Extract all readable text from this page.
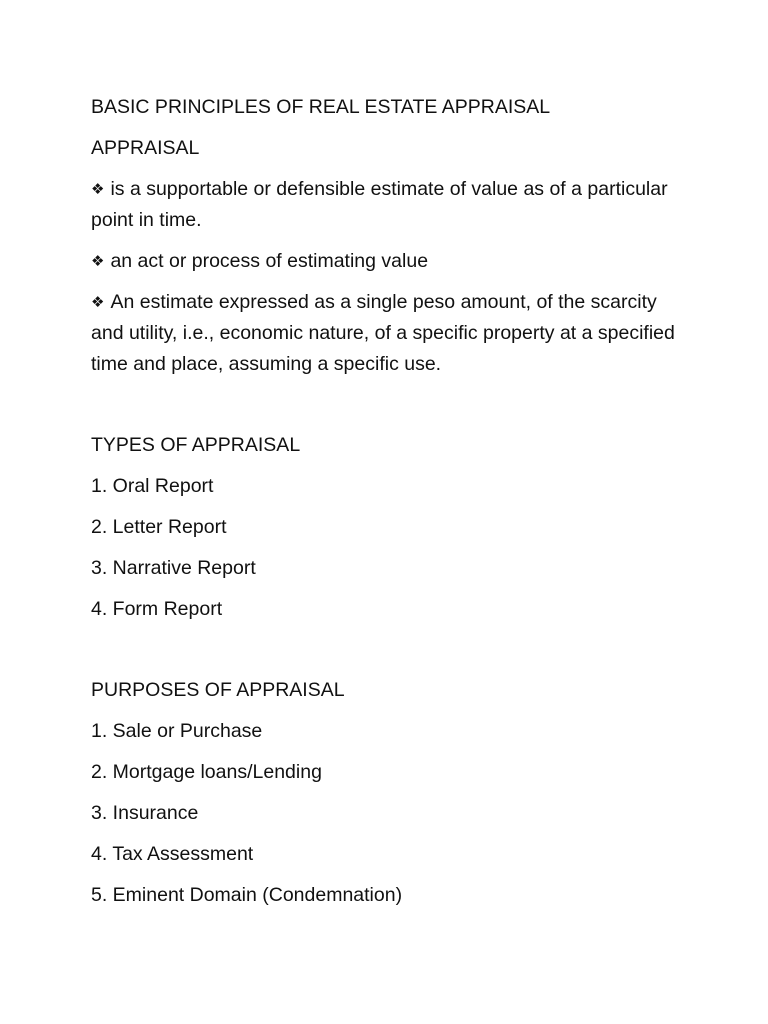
BASIC PRINCIPLES OF REAL ESTATE APPRAISAL

APPRAISAL

❖ is a supportable or defensible estimate of value as of a particular point in time.

❖ an act or process of estimating value

❖ An estimate expressed as a single peso amount, of the scarcity and utility, i.e., economic nature, of a specific property at a specified time and place, assuming a specific use.

TYPES OF APPRAISAL

1. Oral Report
2. Letter Report
3. Narrative Report
4. Form Report

PURPOSES OF APPRAISAL

1. Sale or Purchase
2. Mortgage loans/Lending
3. Insurance
4. Tax Assessment
5. Eminent Domain (Condemnation)
